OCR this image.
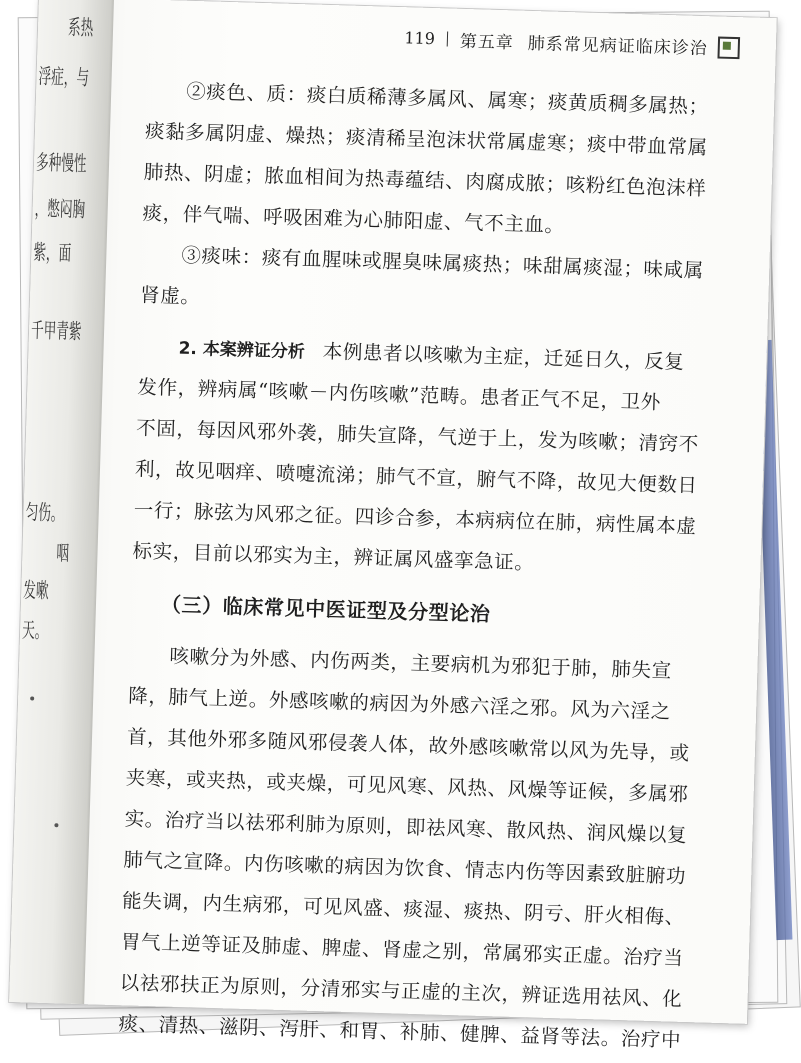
系热
浮症，与
多种慢性
，憋闷胸
紫，面
千甲青紫
匀伤。
咽
发嗽
天。
119 第五章 肺系常见病证临床诊治
②痰色、质：痰白质稀薄多属风、属寒；痰黄质稠多属热；
痰黏多属阴虚、燥热；痰清稀呈泡沫状常属虚寒；痰中带血常属
肺热、阴虚；脓血相间为热毒蕴结、肉腐成脓；咳粉红色泡沫样
痰，伴气喘、呼吸困难为心肺阳虚、气不主血。
③痰味：痰有血腥味或腥臭味属痰热；味甜属痰湿；味咸属
肾虚。
2. 本案辨证分析 本例患者以咳嗽为主症，迁延日久，反复
发作，辨病属“咳嗽－内伤咳嗽”范畴。患者正气不足，卫外
不固，每因风邪外袭，肺失宣降，气逆于上，发为咳嗽；清窍不
利，故见咽痒、喷嚏流涕；肺气不宣，腑气不降，故见大便数日
一行；脉弦为风邪之征。四诊合参，本病病位在肺，病性属本虚
标实，目前以邪实为主，辨证属风盛挛急证。
（三）临床常见中医证型及分型论治
咳嗽分为外感、内伤两类，主要病机为邪犯于肺，肺失宣
降，肺气上逆。外感咳嗽的病因为外感六淫之邪。风为六淫之
首，其他外邪多随风邪侵袭人体，故外感咳嗽常以风为先导，或
夹寒，或夹热，或夹燥，可见风寒、风热、风燥等证候，多属邪
实。治疗当以祛邪利肺为原则，即祛风寒、散风热、润风燥以复
肺气之宣降。内伤咳嗽的病因为饮食、情志内伤等因素致脏腑功
能失调，内生病邪，可见风盛、痰湿、痰热、阴亏、肝火相侮、
胃气上逆等证及肺虚、脾虚、肾虚之别，常属邪实正虚。治疗当
以祛邪扶正为原则，分清邪实与正虚的主次，辨证选用祛风、化
痰、清热、滋阴、泻肝、和胃、补肺、健脾、益肾等法。治疗中
